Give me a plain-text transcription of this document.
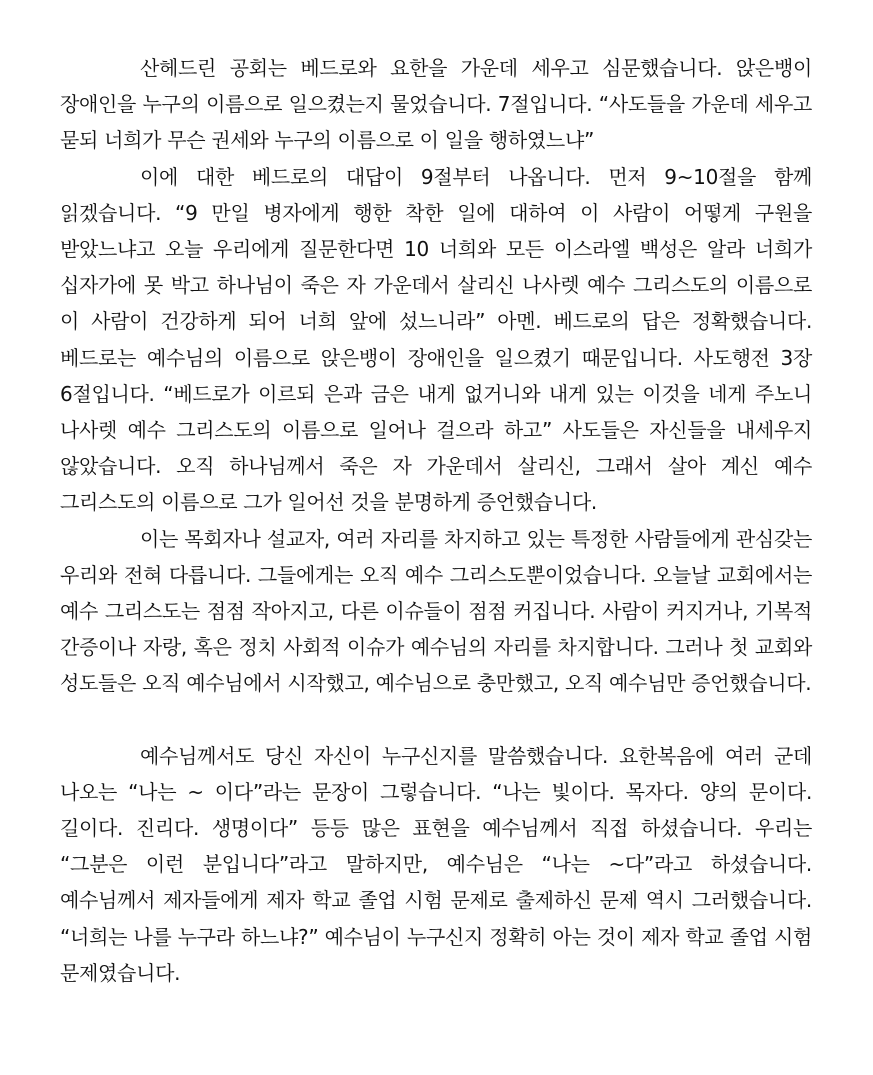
산헤드린 공회는 베드로와 요한을 가운데 세우고 심문했습니다. 앉은뱅이 장애인을 누구의 이름으로 일으켰는지 물었습니다. 7절입니다. “사도들을 가운데 세우고 묻되 너희가 무슨 권세와 누구의 이름으로 이 일을 행하였느냐”

이에 대한 베드로의 대답이 9절부터 나옵니다. 먼저 9~10절을 함께 읽겠습니다. “9 만일 병자에게 행한 착한 일에 대하여 이 사람이 어떻게 구원을 받았느냐고 오늘 우리에게 질문한다면 10 너희와 모든 이스라엘 백성은 알라 너희가 십자가에 못 박고 하나님이 죽은 자 가운데서 살리신 나사렛 예수 그리스도의 이름으로 이 사람이 건강하게 되어 너희 앞에 섰느니라” 아멘. 베드로의 답은 정확했습니다. 베드로는 예수님의 이름으로 앉은뱅이 장애인을 일으켰기 때문입니다. 사도행전 3장 6절입니다. “베드로가 이르되 은과 금은 내게 없거니와 내게 있는 이것을 네게 주노니 나사렛 예수 그리스도의 이름으로 일어나 걸으라 하고” 사도들은 자신들을 내세우지 않았습니다. 오직 하나님께서 죽은 자 가운데서 살리신, 그래서 살아 계신 예수 그리스도의 이름으로 그가 일어선 것을 분명하게 증언했습니다.

이는 목회자나 설교자, 여러 자리를 차지하고 있는 특정한 사람들에게 관심갖는 우리와 전혀 다릅니다. 그들에게는 오직 예수 그리스도뿐이었습니다. 오늘날 교회에서는 예수 그리스도는 점점 작아지고, 다른 이슈들이 점점 커집니다. 사람이 커지거나, 기복적 간증이나 자랑, 혹은 정치 사회적 이슈가 예수님의 자리를 차지합니다. 그러나 첫 교회와 성도들은 오직 예수님에서 시작했고, 예수님으로 충만했고, 오직 예수님만 증언했습니다.

예수님께서도 당신 자신이 누구신지를 말씀했습니다. 요한복음에 여러 군데 나오는 “나는 ~ 이다”라는 문장이 그렇습니다. “나는 빛이다. 목자다. 양의 문이다. 길이다. 진리다. 생명이다” 등등 많은 표현을 예수님께서 직접 하셨습니다. 우리는 “그분은 이런 분입니다”라고 말하지만, 예수님은 “나는 ~다”라고 하셨습니다. 예수님께서 제자들에게 제자 학교 졸업 시험 문제로 출제하신 문제 역시 그러했습니다. “너희는 나를 누구라 하느냐?” 예수님이 누구신지 정확히 아는 것이 제자 학교 졸업 시험 문제였습니다.
